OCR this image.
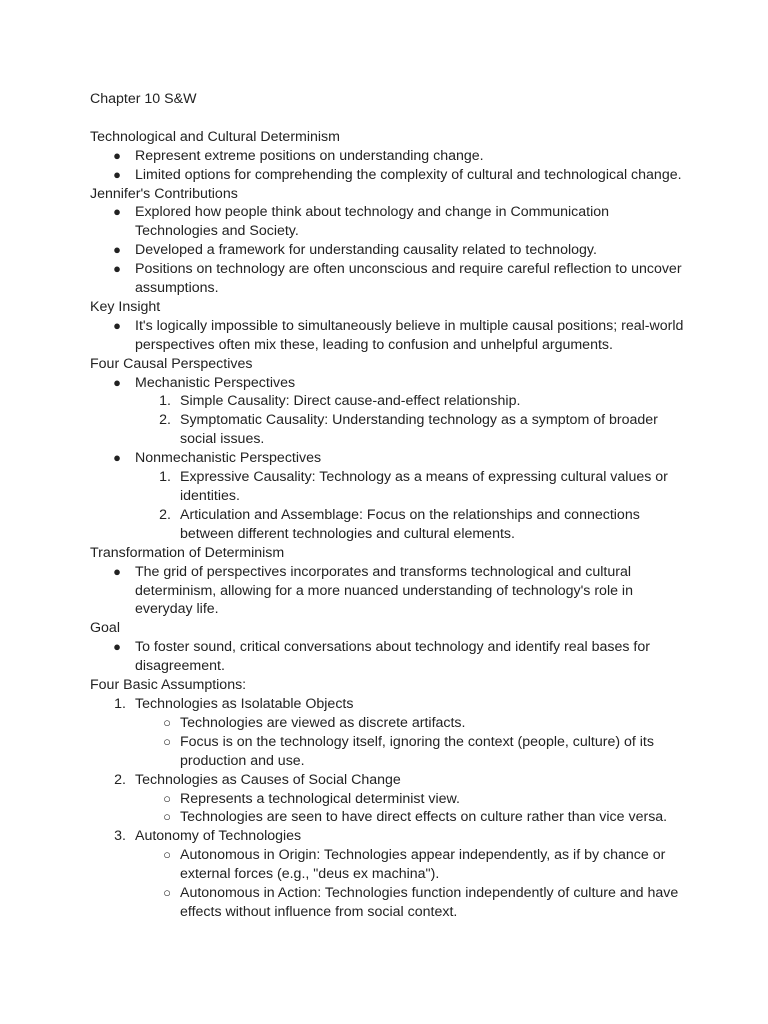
Chapter 10 S&W
Technological and Cultural Determinism
● Represent extreme positions on understanding change.
● Limited options for comprehending the complexity of cultural and technological change.
Jennifer's Contributions
● Explored how people think about technology and change in Communication Technologies and Society.
● Developed a framework for understanding causality related to technology.
● Positions on technology are often unconscious and require careful reflection to uncover assumptions.
Key Insight
● It's logically impossible to simultaneously believe in multiple causal positions; real-world perspectives often mix these, leading to confusion and unhelpful arguments.
Four Causal Perspectives
● Mechanistic Perspectives
1. Simple Causality: Direct cause-and-effect relationship.
2. Symptomatic Causality: Understanding technology as a symptom of broader social issues.
● Nonmechanistic Perspectives
1. Expressive Causality: Technology as a means of expressing cultural values or identities.
2. Articulation and Assemblage: Focus on the relationships and connections between different technologies and cultural elements.
Transformation of Determinism
● The grid of perspectives incorporates and transforms technological and cultural determinism, allowing for a more nuanced understanding of technology's role in everyday life.
Goal
● To foster sound, critical conversations about technology and identify real bases for disagreement.
Four Basic Assumptions:
1. Technologies as Isolatable Objects
○ Technologies are viewed as discrete artifacts.
○ Focus is on the technology itself, ignoring the context (people, culture) of its production and use.
2. Technologies as Causes of Social Change
○ Represents a technological determinist view.
○ Technologies are seen to have direct effects on culture rather than vice versa.
3. Autonomy of Technologies
○ Autonomous in Origin: Technologies appear independently, as if by chance or external forces (e.g., "deus ex machina").
○ Autonomous in Action: Technologies function independently of culture and have effects without influence from social context.
